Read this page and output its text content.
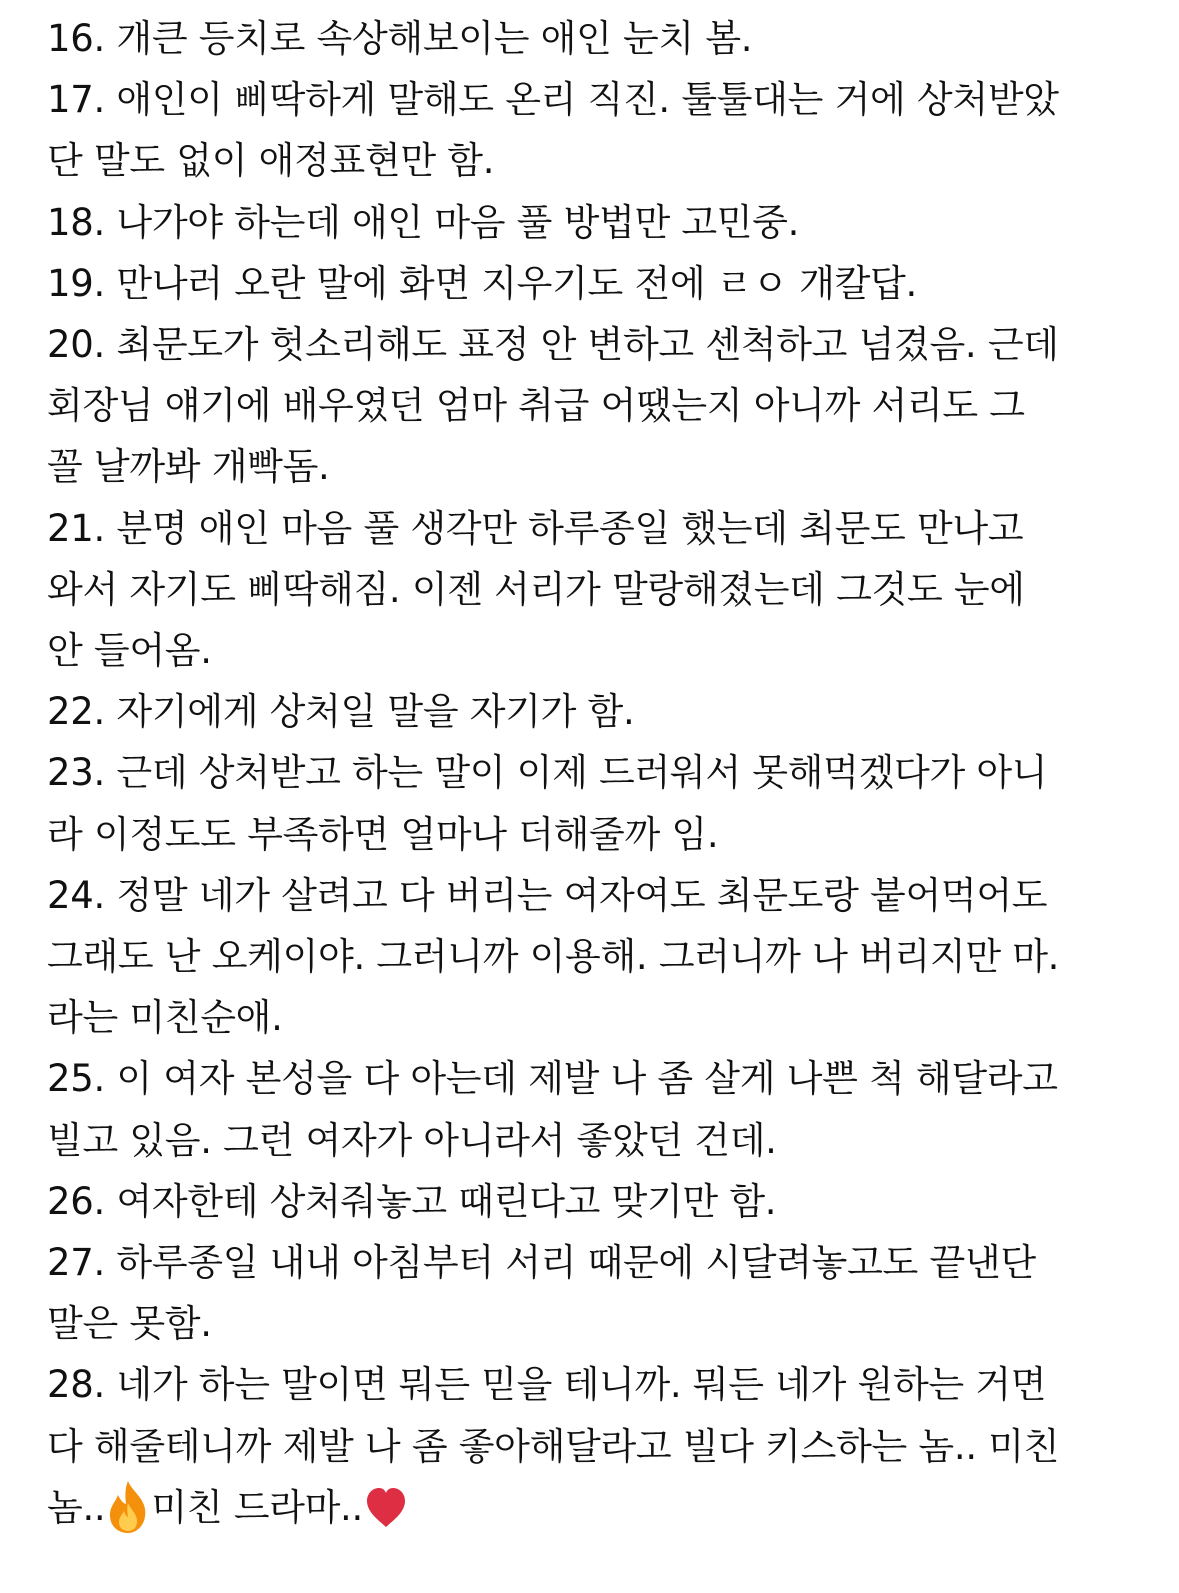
16. 개큰 등치로 속상해보이는 애인 눈치 봄.
17. 애인이 삐딱하게 말해도 온리 직진. 툴툴대는 거에 상처받았
단 말도 없이 애정표현만 함.
18. 나가야 하는데 애인 마음 풀 방법만 고민중.
19. 만나러 오란 말에 화면 지우기도 전에 ㄹㅇ 개칼답.
20. 최문도가 헛소리해도 표정 안 변하고 센척하고 넘겼음. 근데
회장님 얘기에 배우였던 엄마 취급 어땠는지 아니까 서리도 그
꼴 날까봐 개빡돔.
21. 분명 애인 마음 풀 생각만 하루종일 했는데 최문도 만나고
와서 자기도 삐딱해짐. 이젠 서리가 말랑해졌는데 그것도 눈에
안 들어옴.
22. 자기에게 상처일 말을 자기가 함.
23. 근데 상처받고 하는 말이 이제 드러워서 못해먹겠다가 아니
라 이정도도 부족하면 얼마나 더해줄까 임.
24. 정말 네가 살려고 다 버리는 여자여도 최문도랑 붙어먹어도
그래도 난 오케이야. 그러니까 이용해. 그러니까 나 버리지만 마.
라는 미친순애.
25. 이 여자 본성을 다 아는데 제발 나 좀 살게 나쁜 척 해달라고
빌고 있음. 그런 여자가 아니라서 좋았던 건데.
26. 여자한테 상처줘놓고 때린다고 맞기만 함.
27. 하루종일 내내 아침부터 서리 때문에 시달려놓고도 끝낸단
말은 못함.
28. 네가 하는 말이면 뭐든 믿을 테니까. 뭐든 네가 원하는 거면
다 해줄테니까 제발 나 좀 좋아해달라고 빌다 키스하는 놈.. 미친
놈.. 미친 드라마..
